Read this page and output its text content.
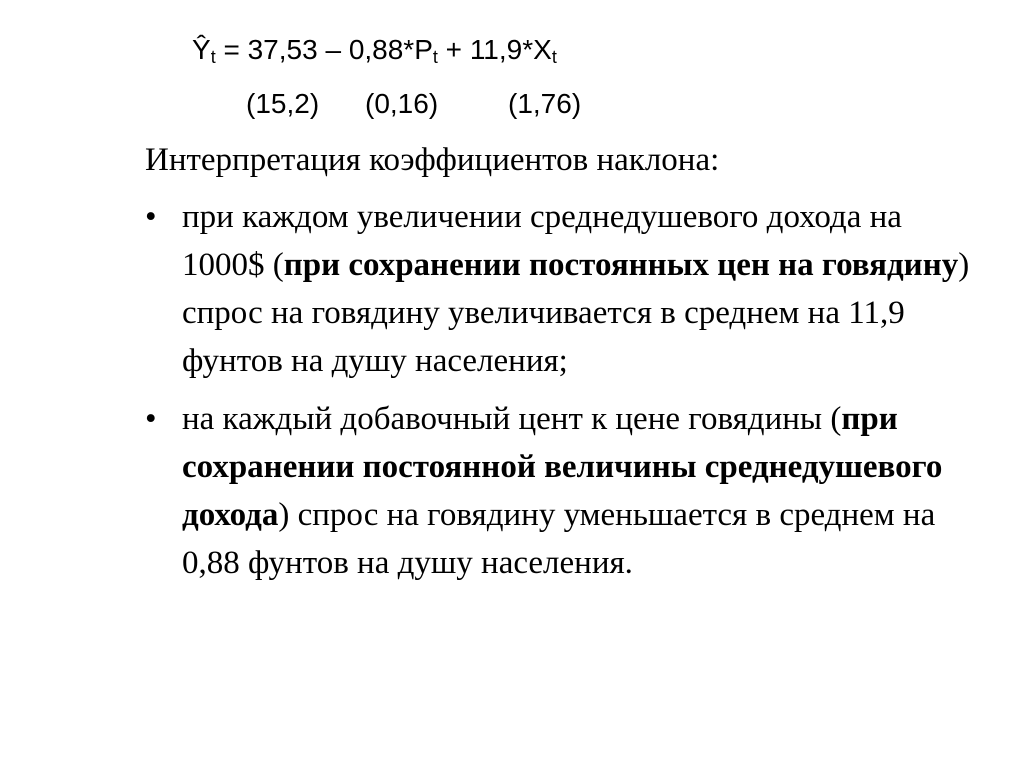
$Ŷ_t = 37,53 - 0,88*P_t + 11,9*X_t$
(15,2) (0,16) (1,76)
Интерпретация коэффициентов наклона:
• при каждом увеличении среднедушевого дохода на 1000$ (при сохранении постоянных цен на говядину) спрос на говядину увеличивается в среднем на 11,9 фунтов на душу населения;
• на каждый добавочный цент к цене говядины (при сохранении постоянной величины среднедушевого дохода) спрос на говядину уменьшается в среднем на 0,88 фунтов на душу населения.
